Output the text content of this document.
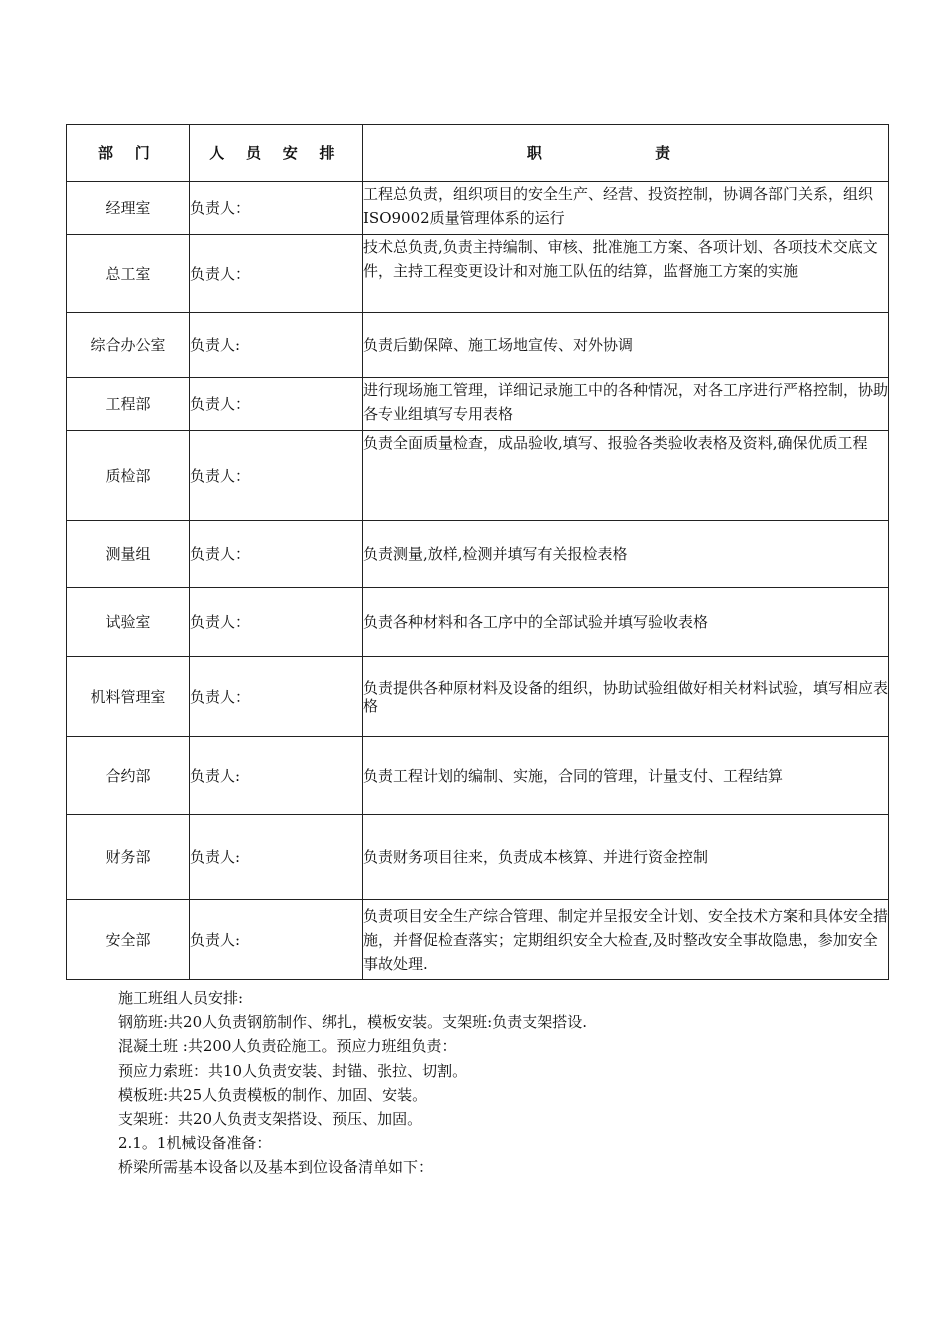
部 门	人 员 安 排	职 责
经理室	负责人：	工程总负责，组织项目的安全生产、经营、投资控制，协调各部门关系，组织ISO9002质量管理体系的运行
总工室	负责人：	技术总负责,负责主持编制、审核、批准施工方案、各项计划、各项技术交底文件，主持工程变更设计和对施工队伍的结算，监督施工方案的实施
综合办公室	负责人:	负责后勤保障、施工场地宣传、对外协调
工程部	负责人：	进行现场施工管理，详细记录施工中的各种情况，对各工序进行严格控制，协助各专业组填写专用表格
质检部	负责人：	负责全面质量检查，成品验收,填写、报验各类验收表格及资料,确保优质工程
测量组	负责人：	负责测量,放样,检测并填写有关报检表格
试验室	负责人：	负责各种材料和各工序中的全部试验并填写验收表格
机料管理室	负责人：	负责提供各种原材料及设备的组织，协助试验组做好相关材料试验，填写相应表格
合约部	负责人:	负责工程计划的编制、实施，合同的管理，计量支付、工程结算
财务部	负责人:	负责财务项目往来，负责成本核算、并进行资金控制
安全部	负责人:	负责项目安全生产综合管理、制定并呈报安全计划、安全技术方案和具体安全措施，并督促检查落实；定期组织安全大检查,及时整改安全事故隐患，参加安全事故处理.
施工班组人员安排:
钢筋班:共20人负责钢筋制作、绑扎，模板安装。支架班:负责支架搭设.
混凝土班 :共200人负责砼施工。预应力班组负责：
预应力索班：共10人负责安装、封锚、张拉、切割。
模板班:共25人负责模板的制作、加固、安装。
支架班：共20人负责支架搭设、预压、加固。
2.1。1机械设备准备：
桥梁所需基本设备以及基本到位设备清单如下：
